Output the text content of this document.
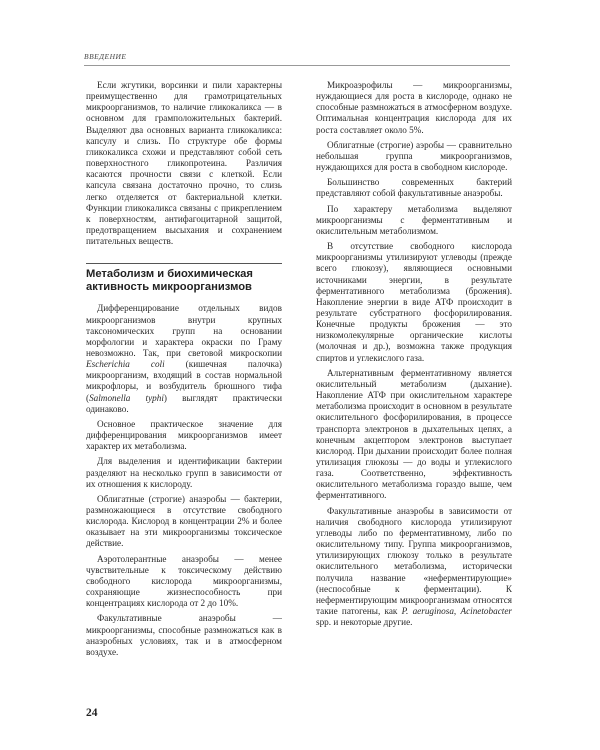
ВВЕДЕНИЕ

Если жгутики, ворсинки и пили характерны преимущественно для грамотрицательных микроорганизмов, то наличие гликокаликса — в основном для грамположительных бактерий. Выделяют два основных варианта гликокаликса: капсулу и слизь. По структуре обе формы гликокаликса схожи и представляют собой сеть поверхностного гликопротеина. Различия касаются прочности связи с клеткой. Если капсула связана достаточно прочно, то слизь легко отделяется от бактериальной клетки. Функции гликокаликса связаны с прикреплением к поверхностям, антифагоцитарной защитой, предотвращением высыхания и сохранением питательных веществ.

Метаболизм и биохимическая активность микроорганизмов

Дифференцирование отдельных видов микроорганизмов внутри крупных таксономических групп на основании морфологии и характера окраски по Граму невозможно. Так, при световой микроскопии Escherichia coli (кишечная палочка) микроорганизм, входящий в состав нормальной микрофлоры, и возбудитель брюшного тифа (Salmonella typhi) выглядят практически одинаково.

Основное практическое значение для дифференцирования микроорганизмов имеет характер их метаболизма.

Для выделения и идентификации бактерии разделяют на несколько групп в зависимости от их отношения к кислороду.

Облигатные (строгие) анаэробы — бактерии, размножающиеся в отсутствие свободного кислорода. Кислород в концентрации 2% и более оказывает на эти микроорганизмы токсическое действие.

Аэротолерантные анаэробы — менее чувствительные к токсическому действию свободного кислорода микроорганизмы, сохраняющие жизнеспособность при концентрациях кислорода от 2 до 10%.

Факультативные анаэробы — микроорганизмы, способные размножаться как в анаэробных условиях, так и в атмосферном воздухе.

Микроаэрофилы — микроорганизмы, нуждающиеся для роста в кислороде, однако не способные размножаться в атмосферном воздухе. Оптимальная концентрация кислорода для их роста составляет около 5%.

Облигатные (строгие) аэробы — сравнительно небольшая группа микроорганизмов, нуждающихся для роста в свободном кислороде.

Большинство современных бактерий представляют собой факультативные анаэробы.

По характеру метаболизма выделяют микроорганизмы с ферментативным и окислительным метаболизмом.

В отсутствие свободного кислорода микроорганизмы утилизируют углеводы (прежде всего глюкозу), являющиеся основными источниками энергии, в результате ферментативного метаболизма (брожения). Накопление энергии в виде АТФ происходит в результате субстратного фосфорилирования. Конечные продукты брожения — это низкомолекулярные органические кислоты (молочная и др.), возможна также продукция спиртов и углекислого газа.

Альтернативным ферментативному является окислительный метаболизм (дыхание). Накопление АТФ при окислительном характере метаболизма происходит в основном в результате окислительного фосфорилирования, в процессе транспорта электронов в дыхательных цепях, а конечным акцептором электронов выступает кислород. При дыхании происходит более полная утилизация глюкозы — до воды и углекислого газа. Соответственно, эффективность окислительного метаболизма гораздо выше, чем ферментативного.

Факультативные анаэробы в зависимости от наличия свободного кислорода утилизируют углеводы либо по ферментативному, либо по окислительному типу. Группа микроорганизмов, утилизирующих глюкозу только в результате окислительного метаболизма, исторически получила название «неферментирующие» (неспособные к ферментации). К неферментирующим микроорганизмам относятся такие патогены, как P. aeruginosa, Acinetobacter spp. и некоторые другие.

24
